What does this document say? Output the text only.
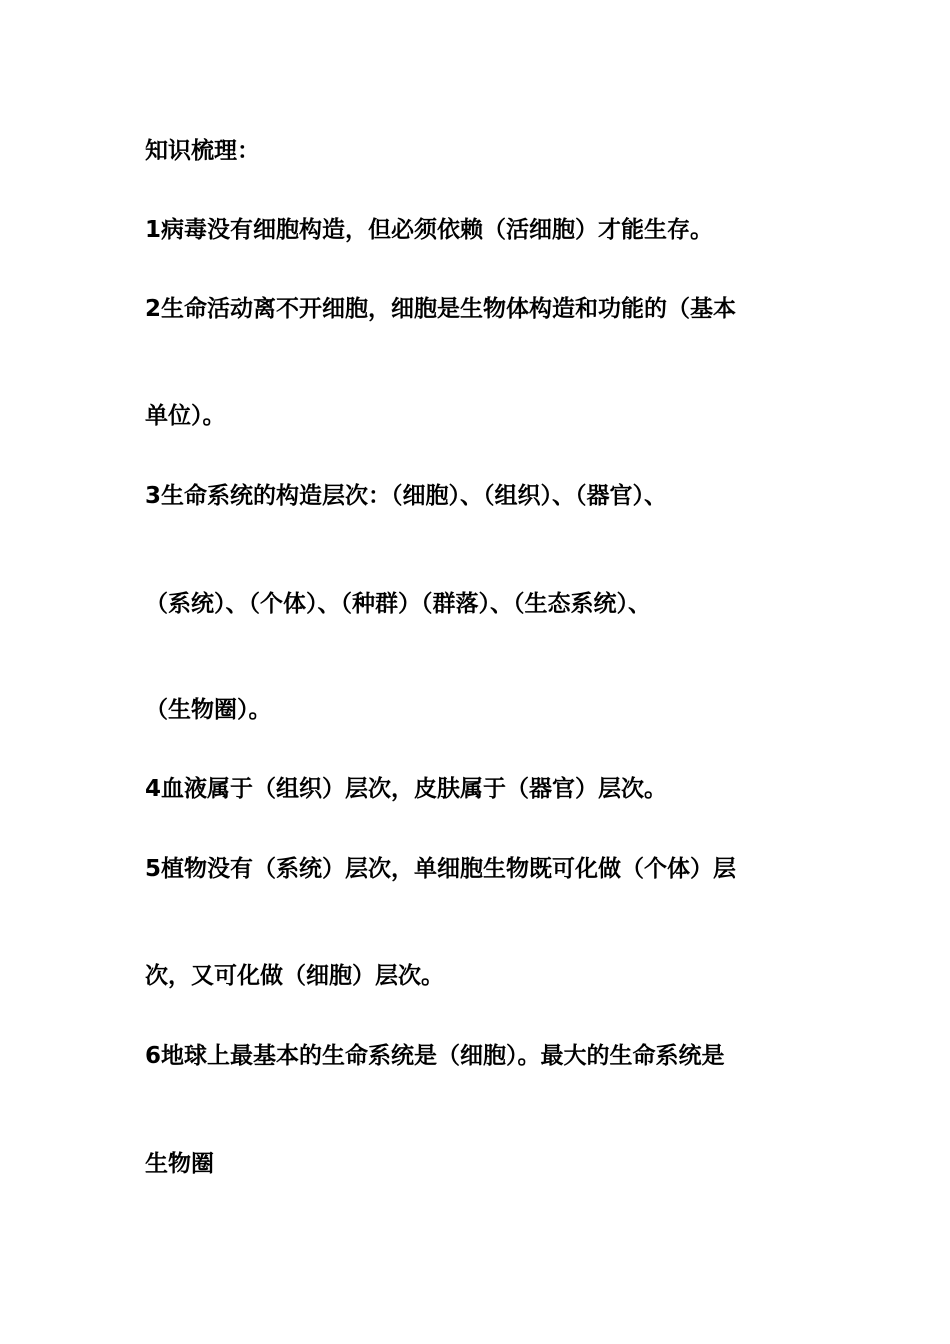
知识梳理：

1病毒没有细胞构造，但必须依赖（活细胞）才能生存。

2生命活动离不开细胞，细胞是生物体构造和功能的（基本

单位）。

3生命系统的构造层次：（细胞）、（组织）、（器官）、

（系统）、（个体）、（种群）（群落）、（生态系统）、

（生物圈）。

4血液属于（组织）层次，皮肤属于（器官）层次。

5植物没有（系统）层次，单细胞生物既可化做（个体）层

次，又可化做（细胞）层次。

6地球上最基本的生命系统是（细胞）。最大的生命系统是

生物圈
